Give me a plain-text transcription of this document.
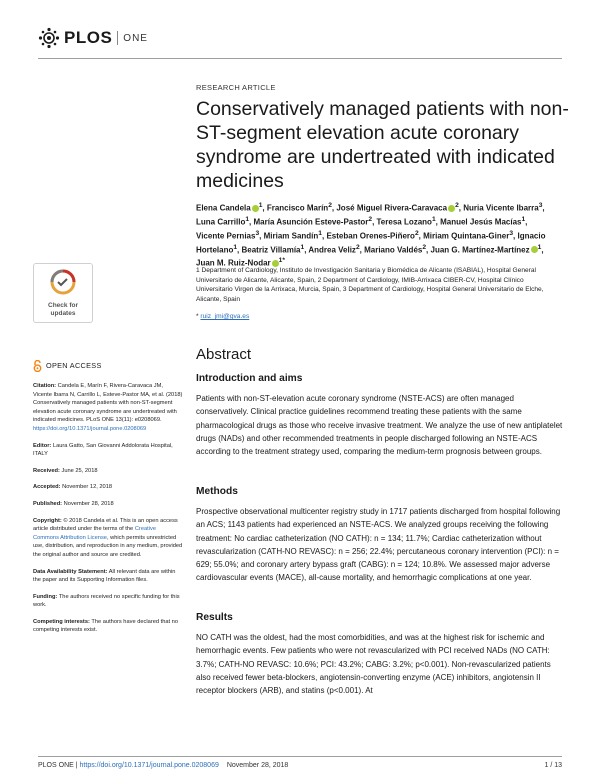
PLOS ONE
RESEARCH ARTICLE
Conservatively managed patients with non-ST-segment elevation acute coronary syndrome are undertreated with indicated medicines
Elena Candela $^1$, Francisco Marín$^2$, José Miguel Rivera-Caravaca $^2$, Nuria Vicente Ibarra$^3$, Luna Carrillo$^1$, María Asunción Esteve-Pastor$^2$, Teresa Lozano$^1$, Manuel Jesús Macías$^1$, Vicente Pernias$^3$, Miriam Sandín$^1$, Esteban Orenes-Piñero$^2$, Miriam Quintana-Giner$^3$, Ignacio Hortelano$^1$, Beatriz Villamía$^1$, Andrea Veliz$^2$, Mariano Valdés$^2$, Juan G. Martínez-Martínez $^1$, Juan M. Ruiz-Nodar $^{1*}$
1 Department of Cardiology, Instituto de Investigación Sanitaria y Biomédica de Alicante (ISABIAL), Hospital General Universitario de Alicante, Alicante, Spain, 2 Department of Cardiology, IMIB-Arrixaca CIBER-CV, Hospital Clínico Universitario Virgen de la Arrixaca, Murcia, Spain, 3 Department of Cardiology, Hospital General Universitario de Elche, Alicante, Spain
* ruiz_jmi@gva.es
Check for
updates
OPEN ACCESS
Citation: Candela E, Marín F, Rivera-Caravaca JM, Vicente Ibarra N, Carrillo L, Esteve-Pastor MA, et al. (2018) Conservatively managed patients with non-ST-segment elevation acute coronary syndrome are undertreated with indicated medicines. PLoS ONE 13(11): e0208069. https://doi.org/10.1371/journal.pone.0208069
Editor: Laura Gatto, San Giovanni Addolorata Hospital, ITALY
Received: June 25, 2018
Accepted: November 12, 2018
Published: November 28, 2018
Copyright: © 2018 Candela et al. This is an open access article distributed under the terms of the Creative Commons Attribution License, which permits unrestricted use, distribution, and reproduction in any medium, provided the original author and source are credited.
Data Availability Statement: All relevant data are within the paper and its Supporting Information files.
Funding: The authors received no specific funding for this work.
Competing interests: The authors have declared that no competing interests exist.
Abstract
Introduction and aims
Patients with non-ST-elevation acute coronary syndrome (NSTE-ACS) are often managed conservatively. Clinical practice guidelines recommend treating these patients with the same pharmacological drugs as those who receive invasive treatment. We analyze the use of new antiplatelet drugs (NADs) and other recommended treatments in people discharged following an NSTE-ACS according to the treatment strategy used, comparing the medium-term prognosis between groups.
Methods
Prospective observational multicenter registry study in 1717 patients discharged from hospital following an ACS; 1143 patients had experienced an NSTE-ACS. We analyzed groups receiving the following treatment: No cardiac catheterization (NO CATH): n = 134; 11.7%; Cardiac catheterization without revascularization (CATH-NO REVASC): n = 256; 22.4%; percutaneous coronary intervention (PCI): n = 629; 55.0%; and coronary artery bypass graft (CABG): n = 124; 10.8%. We assessed major adverse cardiovascular events (MACE), all-cause mortality, and hemorrhagic complications at one year.
Results
NO CATH was the oldest, had the most comorbidities, and was at the highest risk for ischemic and hemorrhagic events. Few patients who were not revascularized with PCI received NADs (NO CATH: 3.7%; CATH-NO REVASC: 10.6%; PCI: 43.2%; CABG: 3.2%; p<0.001). Non-revascularized patients also received fewer beta-blockers, angiotensin-converting enzyme (ACE) inhibitors, angiotensin II receptor blockers (ARB), and statins (p<0.001). At
PLOS ONE | https://doi.org/10.1371/journal.pone.0208069 November 28, 2018	1 / 13
